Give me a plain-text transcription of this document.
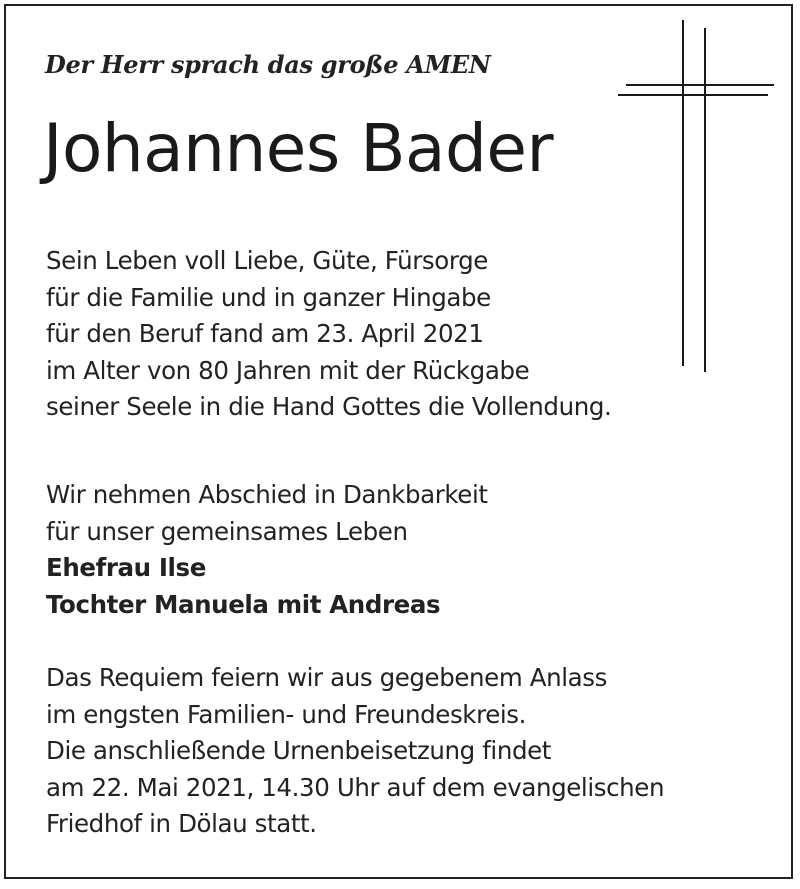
Der Herr sprach das große AMEN
Johannes Bader
Sein Leben voll Liebe, Güte, Fürsorge
für die Familie und in ganzer Hingabe
für den Beruf fand am 23. April 2021
im Alter von 80 Jahren mit der Rückgabe
seiner Seele in die Hand Gottes die Vollendung.
Wir nehmen Abschied in Dankbarkeit
für unser gemeinsames Leben
Ehefrau Ilse
Tochter Manuela mit Andreas
Das Requiem feiern wir aus gegebenem Anlass
im engsten Familien- und Freundeskreis.
Die anschließende Urnenbeisetzung findet
am 22. Mai 2021, 14.30 Uhr auf dem evangelischen
Friedhof in Dölau statt.
